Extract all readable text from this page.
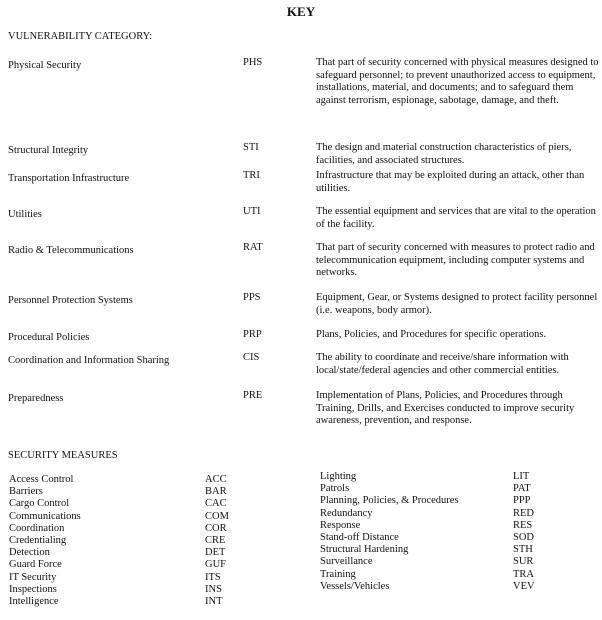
KEY
VULNERABILITY CATEGORY:
Physical Security	PHS	That part of security concerned with physical measures designed to safeguard personnel; to prevent unauthorized access to equipment, installations, material, and documents; and to safeguard them against terrorism, espionage, sabotage, damage, and theft.
Structural Integrity	STI	The design and material construction characteristics of piers, facilities, and associated structures.
Transportation Infrastructure	TRI	Infrastructure that may be exploited during an attack, other than utilities.
Utilities	UTI	The essential equipment and services that are vital to the operation of the facility.
Radio & Telecommunications	RAT	That part of security concerned with measures to protect radio and telecommunication equipment, including computer systems and networks.
Personnel Protection Systems	PPS	Equipment, Gear, or Systems designed to protect facility personnel (i.e. weapons, body armor).
Procedural Policies	PRP	Plans, Policies, and Procedures for specific operations.
Coordination and Information Sharing	CIS	The ability to coordinate and receive/share information with local/state/federal agencies and other commercial entities.
Preparedness	PRE	Implementation of Plans, Policies, and Procedures through Training, Drills, and Exercises conducted to improve security awareness, prevention, and response.
SECURITY MEASURES
Access Control	ACC
Barriers	BAR
Cargo Control	CAC
Communications	COM
Coordination	COR
Credentialing	CRE
Detection	DET
Guard Force	GUF
IT Security	ITS
Inspections	INS
Intelligence	INT
Lighting	LIT
Patrols	PAT
Planning, Policies, & Procedures	PPP
Redundancy	RED
Response	RES
Stand-off Distance	SOD
Structural Hardening	STH
Surveillance	SUR
Training	TRA
Vessels/Vehicles	VEV
